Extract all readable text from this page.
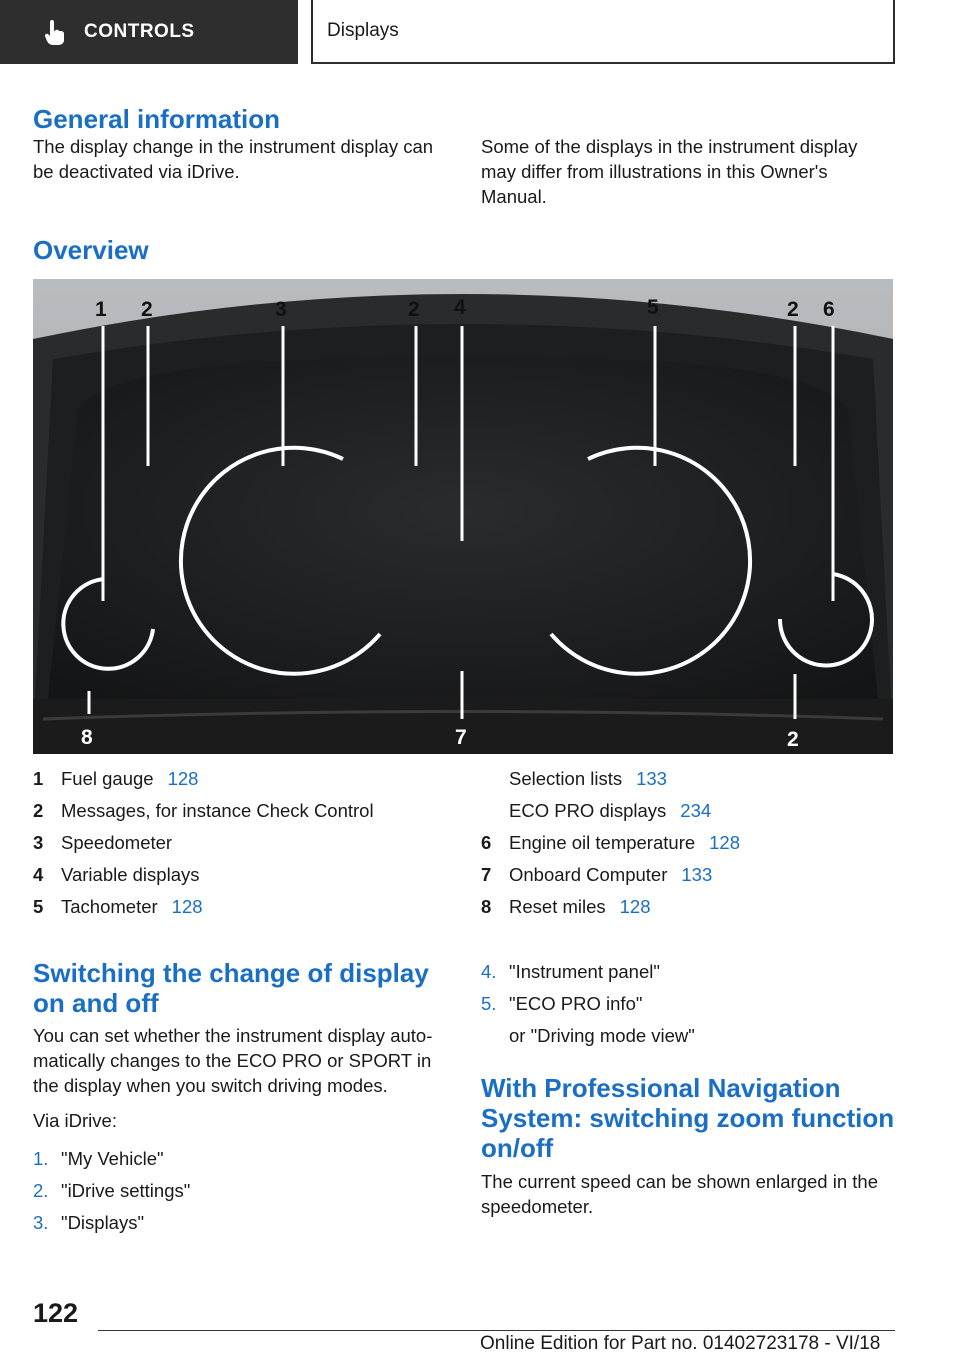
CONTROLS	Displays
General information
The display change in the instrument display can be deactivated via iDrive.
Some of the displays in the instrument display may differ from illustrations in this Owner's Manual.
Overview
1 2	3	2 4	5	2 6
8	7	2
1 Fuel gauge 128
2 Messages, for instance Check Control
3 Speedometer
4 Variable displays
5 Tachometer 128
Selection lists 133
ECO PRO displays 234
6 Engine oil temperature 128
7 Onboard Computer 133
8 Reset miles 128
Switching the change of display
on and off
You can set whether the instrument display auto-matically changes to the ECO PRO or SPORT in the display when you switch driving modes.
Via iDrive:
1. "My Vehicle"
2. "iDrive settings"
3. "Displays"
4. "Instrument panel"
5. "ECO PRO info"
or "Driving mode view"
With Professional Navigation
System: switching zoom function
on/off
The current speed can be shown enlarged in the speedometer.
122
Online Edition for Part no. 01402723178 - VI/18
